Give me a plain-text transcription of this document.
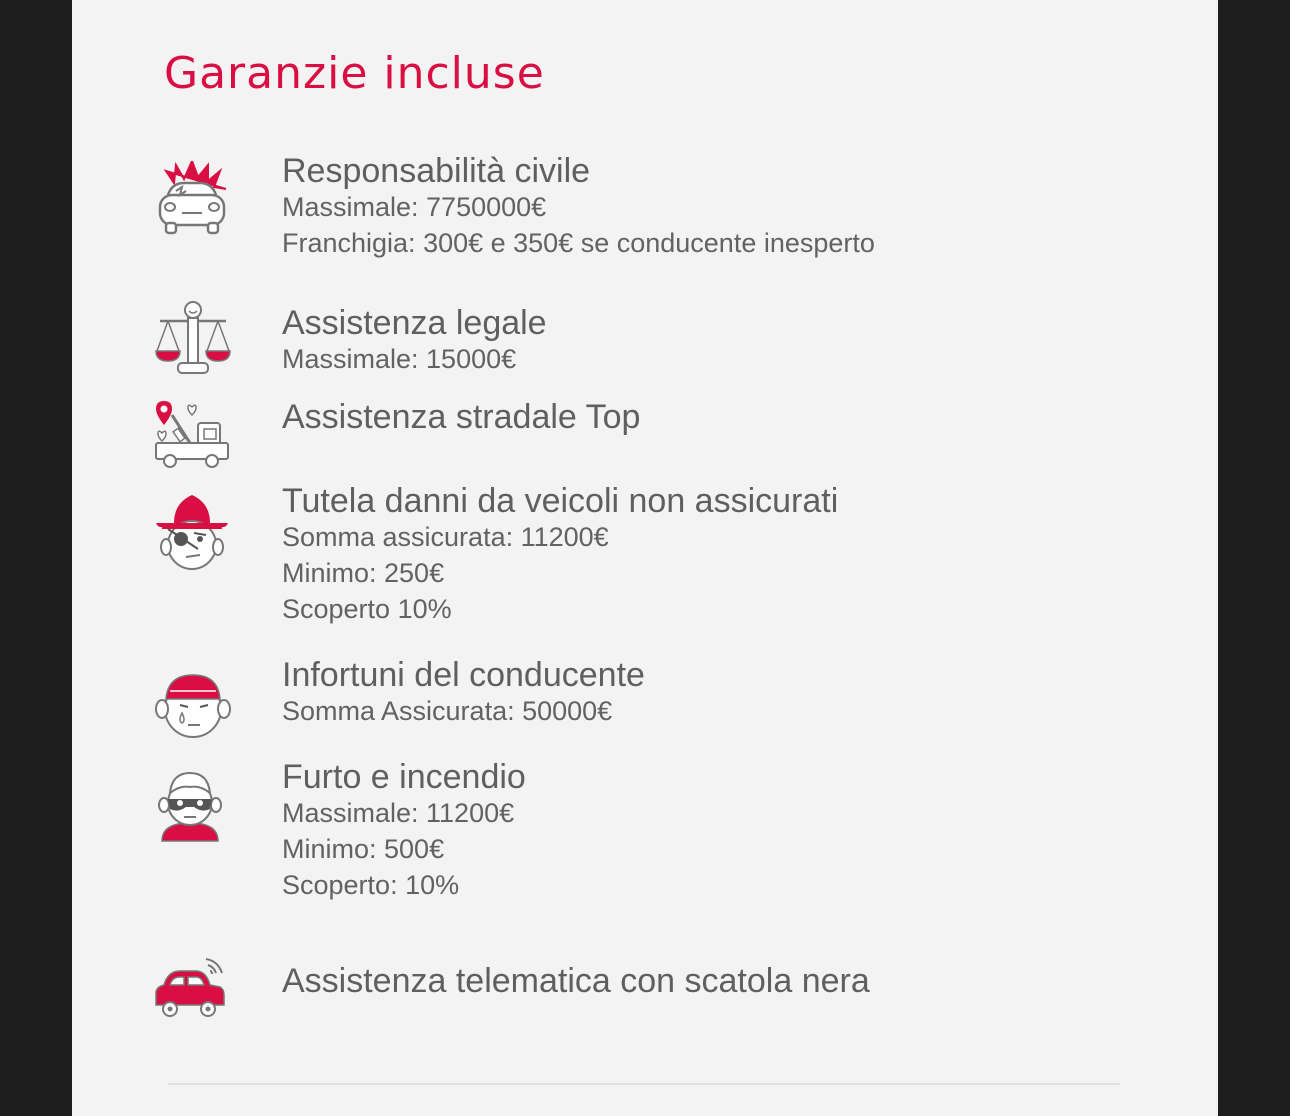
Garanzie incluse
Responsabilità civile
Massimale: 7750000€
Franchigia: 300€ e 350€ se conducente inesperto
Assistenza legale
Massimale: 15000€
Assistenza stradale Top
Tutela danni da veicoli non assicurati
Somma assicurata: 11200€
Minimo: 250€
Scoperto 10%
Infortuni del conducente
Somma Assicurata: 50000€
Furto e incendio
Massimale: 11200€
Minimo: 500€
Scoperto: 10%
Assistenza telematica con scatola nera
